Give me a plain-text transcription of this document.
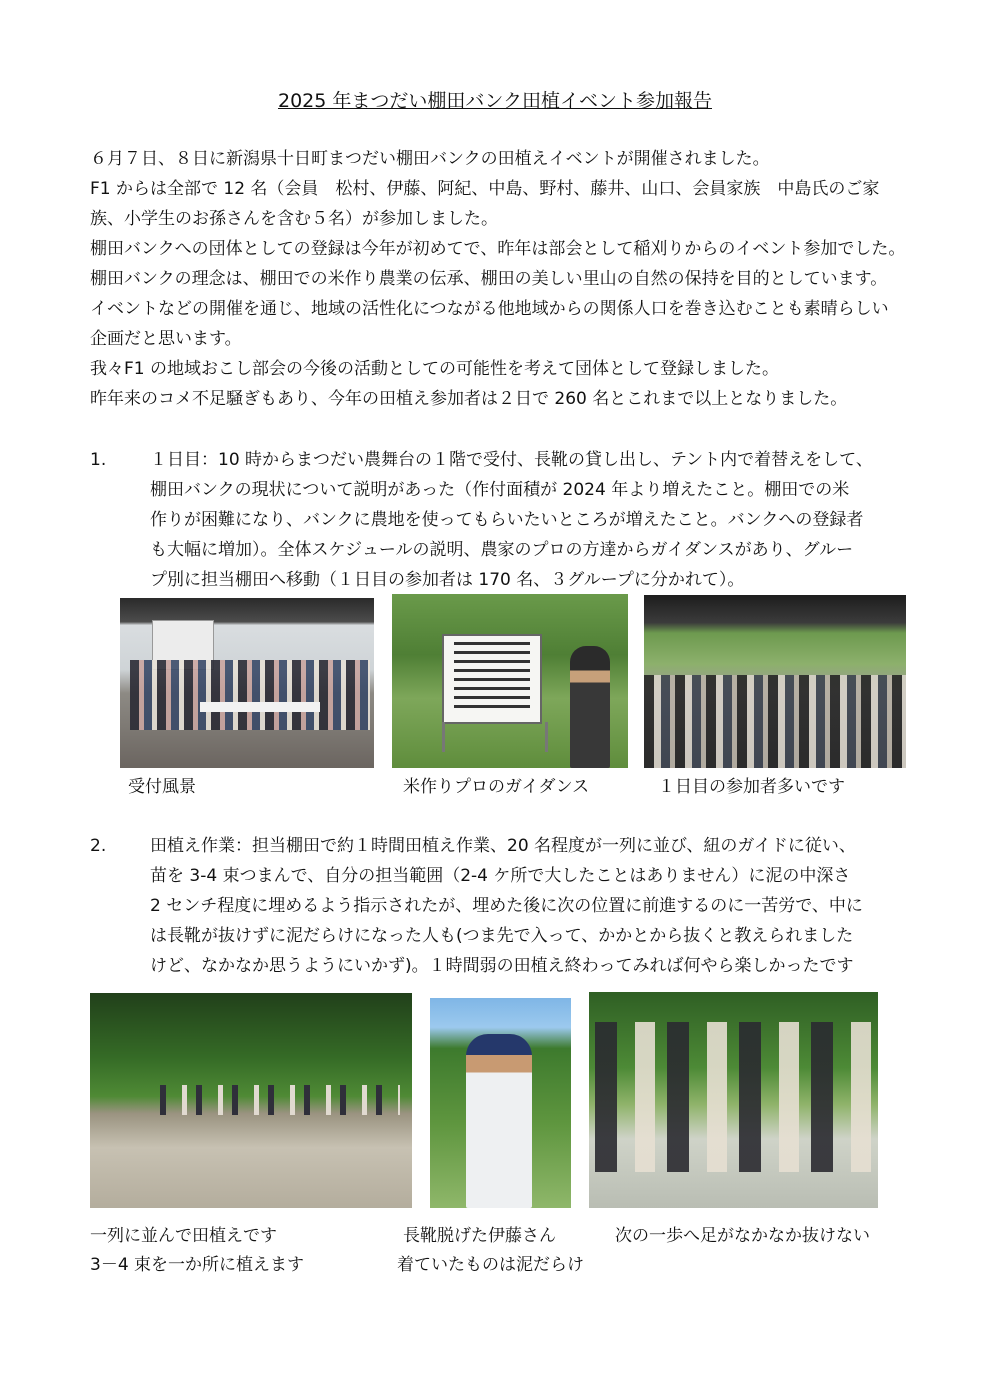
2025 年まつだい棚田バンク田植イベント参加報告

６月７日、８日に新潟県十日町まつだい棚田バンクの田植えイベントが開催されました。

F1 からは全部で 12 名（会員　松村、伊藤、阿紀、中島、野村、藤井、山口、会員家族　中島氏のご家

族、小学生のお孫さんを含む５名）が参加しました。

棚田バンクへの団体としての登録は今年が初めてで、昨年は部会として稲刈りからのイベント参加でした。

棚田バンクの理念は、棚田での米作り農業の伝承、棚田の美しい里山の自然の保持を目的としています。

イベントなどの開催を通じ、地域の活性化につながる他地域からの関係人口を巻き込むことも素晴らしい

企画だと思います。

我々F1 の地域おこし部会の今後の活動としての可能性を考えて団体として登録しました。

昨年来のコメ不足騒ぎもあり、今年の田植え参加者は２日で 260 名とこれまで以上となりました。

1.	１日目：10 時からまつだい農舞台の１階で受付、長靴の貸し出し、テント内で着替えをして、

棚田バンクの現状について説明があった（作付面積が 2024 年より増えたこと。棚田での米

作りが困難になり、バンクに農地を使ってもらいたいところが増えたこと。バンクへの登録者

も大幅に増加）。全体スケジュールの説明、農家のプロの方達からガイダンスがあり、グルー

プ別に担当棚田へ移動（１日目の参加者は 170 名、３グループに分かれて）。

受付風景	米作りプロのガイダンス	１日目の参加者多いです
2.	田植え作業：担当棚田で約１時間田植え作業、20 名程度が一列に並び、紐のガイドに従い、

苗を 3-4 束つまんで、自分の担当範囲（2-4 ケ所で大したことはありません）に泥の中深さ

2 センチ程度に埋めるよう指示されたが、埋めた後に次の位置に前進するのに一苦労で、中に

は長靴が抜けずに泥だらけになった人も(つま先で入って、かかとから抜くと教えられました

けど、なかなか思うようにいかず)。１時間弱の田植え終わってみれば何やら楽しかったです

一列に並んで田植えです
3－4 束を一か所に植えます
長靴脱げた伊藤さん
着ていたものは泥だらけ
次の一歩へ足がなかなか抜けない
